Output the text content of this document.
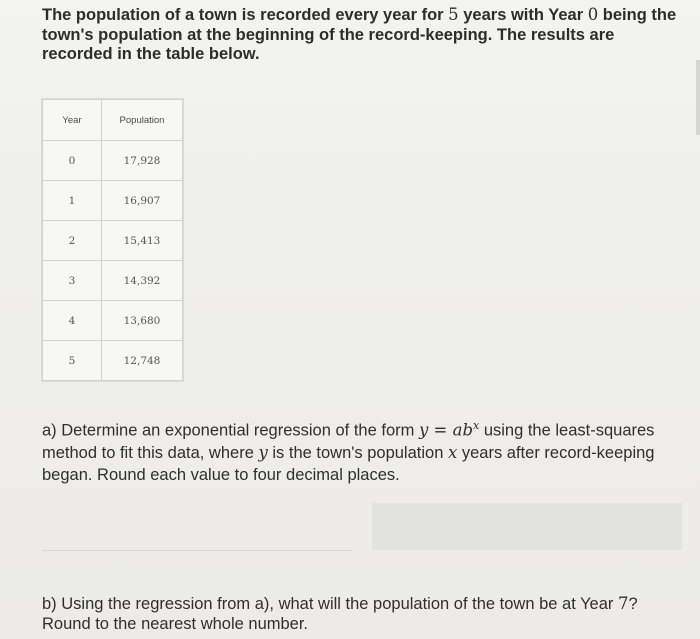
The population of a town is recorded every year for 5 years with Year 0 being the town's population at the beginning of the record-keeping. The results are recorded in the table below.
Year	Population
0	17,928
1	16,907
2	15,413
3	14,392
4	13,680
5	12,748
a) Determine an exponential regression of the form $y = ab^x$ using the least-squares method to fit this data, where y is the town's population x years after record-keeping began. Round each value to four decimal places.
b) Using the regression from a), what will the population of the town be at Year 7? Round to the nearest whole number.
